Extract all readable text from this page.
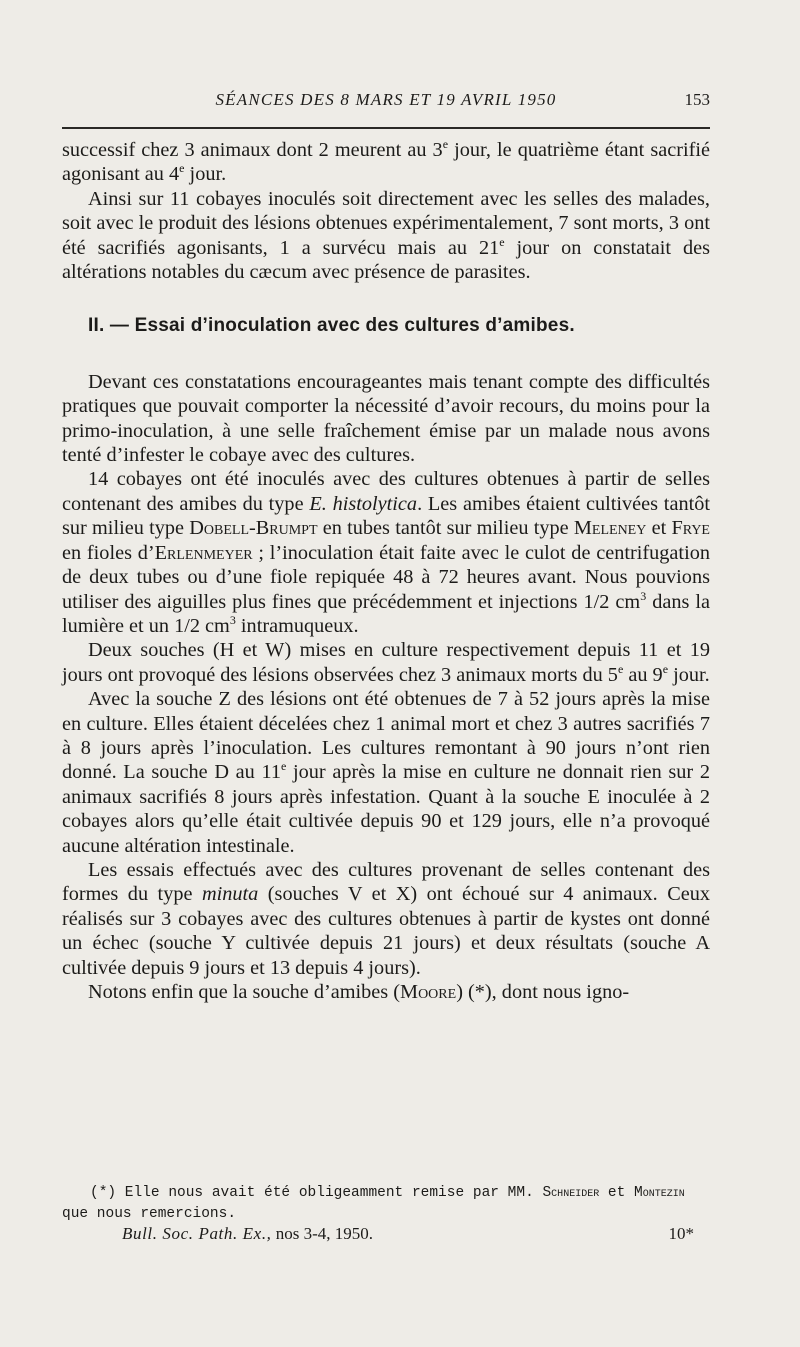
SÉANCES DES 8 MARS ET 19 AVRIL 1950	153

successif chez 3 animaux dont 2 meurent au 3e jour, le quatrième étant sacrifié agonisant au 4e jour.

Ainsi sur 11 cobayes inoculés soit directement avec les selles des malades, soit avec le produit des lésions obtenues expérimentalement, 7 sont morts, 3 ont été sacrifiés agonisants, 1 a survécu mais au 21e jour on constatait des altérations notables du cæcum avec présence de parasites.

II. — Essai d’inoculation avec des cultures d’amibes.

Devant ces constatations encourageantes mais tenant compte des difficultés pratiques que pouvait comporter la nécessité d’avoir recours, du moins pour la primo-inoculation, à une selle fraîchement émise par un malade nous avons tenté d’infester le cobaye avec des cultures.

14 cobayes ont été inoculés avec des cultures obtenues à partir de selles contenant des amibes du type E. histolytica. Les amibes étaient cultivées tantôt sur milieu type Dobell-Brumpt en tubes tantôt sur milieu type Meleney et Frye en fioles d’Erlenmeyer ; l’inoculation était faite avec le culot de centrifugation de deux tubes ou d’une fiole repiquée 48 à 72 heures avant. Nous pouvions utiliser des aiguilles plus fines que précédemment et injections 1/2 $cm^3$ dans la lumière et un 1/2 $cm^3$ intramuqueux.

Deux souches (H et W) mises en culture respectivement depuis 11 et 19 jours ont provoqué des lésions observées chez 3 animaux morts du 5e au 9e jour.

Avec la souche Z des lésions ont été obtenues de 7 à 52 jours après la mise en culture. Elles étaient décelées chez 1 animal mort et chez 3 autres sacrifiés 7 à 8 jours après l’inoculation. Les cultures remontant à 90 jours n’ont rien donné. La souche D au 11e jour après la mise en culture ne donnait rien sur 2 animaux sacrifiés 8 jours après infestation. Quant à la souche E inoculée à 2 cobayes alors qu’elle était cultivée depuis 90 et 129 jours, elle n’a provoqué aucune altération intestinale.

Les essais effectués avec des cultures provenant de selles contenant des formes du type minuta (souches V et X) ont échoué sur 4 animaux. Ceux réalisés sur 3 cobayes avec des cultures obtenues à partir de kystes ont donné un échec (souche Y cultivée depuis 21 jours) et deux résultats (souche A cultivée depuis 9 jours et 13 depuis 4 jours).

Notons enfin que la souche d’amibes (Moore) (*), dont nous igno-

(*) Elle nous avait été obligeamment remise par MM. Schneider et Montezin
que nous remercions.
Bull. Soc. Path. Ex., nos 3-4, 1950.	10*
